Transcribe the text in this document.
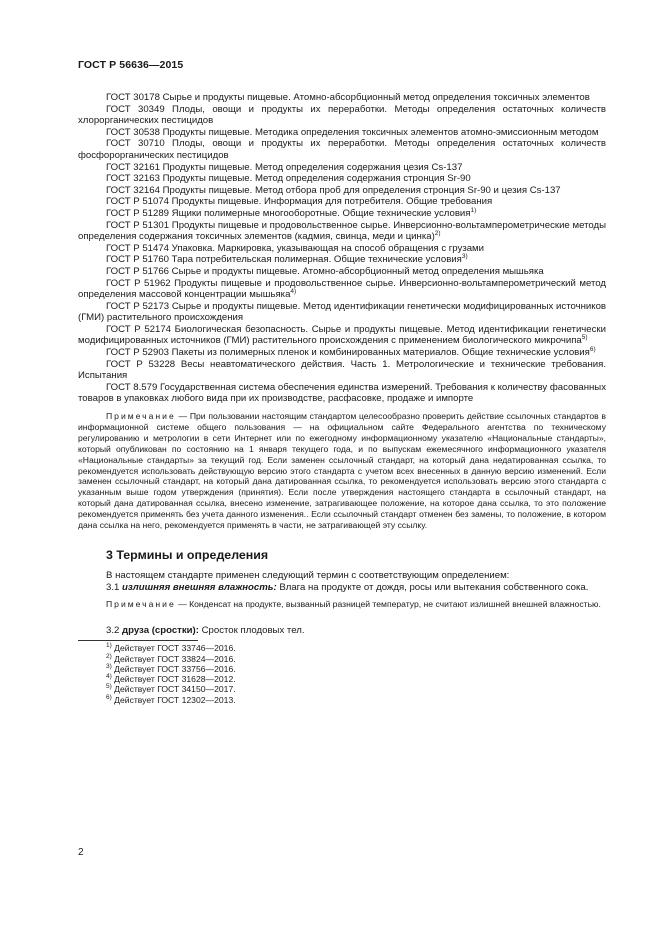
ГОСТ Р 56636—2015

ГОСТ 30178 Сырье и продукты пищевые. Атомно-абсорбционный метод определения токсичных элементов

ГОСТ 30349 Плоды, овощи и продукты их переработки. Методы определения остаточных количеств хлорорганических пестицидов

ГОСТ 30538 Продукты пищевые. Методика определения токсичных элементов атомно-эмиссионным методом

ГОСТ 30710 Плоды, овощи и продукты их переработки. Методы определения остаточных количеств фосфорорганических пестицидов

ГОСТ 32161 Продукты пищевые. Метод определения содержания цезия Cs-137

ГОСТ 32163 Продукты пищевые. Метод определения содержания стронция Sr-90

ГОСТ 32164 Продукты пищевые. Метод отбора проб для определения стронция Sr-90 и цезия Cs-137

ГОСТ Р 51074 Продукты пищевые. Информация для потребителя. Общие требования

ГОСТ Р 51289 Ящики полимерные многооборотные. Общие технические условия$^{1)}$

ГОСТ Р 51301 Продукты пищевые и продовольственное сырье. Инверсионно-вольтамперометрические методы определения содержания токсичных элементов (кадмия, свинца, меди и цинка)$^{2)}$

ГОСТ Р 51474 Упаковка. Маркировка, указывающая на способ обращения с грузами

ГОСТ Р 51760 Тара потребительская полимерная. Общие технические условия$^{3)}$

ГОСТ Р 51766 Сырье и продукты пищевые. Атомно-абсорбционный метод определения мышьяка

ГОСТ Р 51962 Продукты пищевые и продовольственное сырье. Инверсионно-вольтамперометрический метод определения массовой концентрации мышьяка$^{4)}$

ГОСТ Р 52173 Сырье и продукты пищевые. Метод идентификации генетически модифицированных источников (ГМИ) растительного происхождения

ГОСТ Р 52174 Биологическая безопасность. Сырье и продукты пищевые. Метод идентификации генетически модифицированных источников (ГМИ) растительного происхождения с применением биологического микрочипа$^{5)}$

ГОСТ Р 52903 Пакеты из полимерных пленок и комбинированных материалов. Общие технические условия$^{6)}$

ГОСТ Р 53228 Весы неавтоматического действия. Часть 1. Метрологические и технические требования. Испытания

ГОСТ 8.579 Государственная система обеспечения единства измерений. Требования к количеству фасованных товаров в упаковках любого вида при их производстве, расфасовке, продаже и импорте

Примечание — При пользовании настоящим стандартом целесообразно проверить действие ссылочных стандартов в информационной системе общего пользования — на официальном сайте Федерального агентства по техническому регулированию и метрологии в сети Интернет или по ежегодному информационному указателю «Национальные стандарты», который опубликован по состоянию на 1 января текущего года, и по выпускам ежемесячного информационного указателя «Национальные стандарты» за текущий год. Если заменен ссылочный стандарт, на который дана недатированная ссылка, то рекомендуется использовать действующую версию этого стандарта с учетом всех внесенных в данную версию изменений. Если заменен ссылочный стандарт, на который дана датированная ссылка, то рекомендуется использовать версию этого стандарта с указанным выше годом утверждения (принятия). Если после утверждения настоящего стандарта в ссылочный стандарт, на который дана датированная ссылка, внесено изменение, затрагивающее положение, на которое дана ссылка, то это положение рекомендуется применять без учета данного изменения.. Если ссылочный стандарт отменен без замены, то положение, в котором дана ссылка на него, рекомендуется применять в части, не затрагивающей эту ссылку.

3 Термины и определения

В настоящем стандарте применен следующий термин с соответствующим определением:

3.1 излишняя внешняя влажность: Влага на продукте от дождя, росы или вытекания собственного сока.

Примечание — Конденсат на продукте, вызванный разницей температур, не считают излишней внешней влажностью.

3.2 друза (сростки): Сросток плодовых тел.

$^{1)}$ Действует ГОСТ 33746—2016.

$^{2)}$ Действует ГОСТ 33824—2016.

$^{3)}$ Действует ГОСТ 33756—2016.

$^{4)}$ Действует ГОСТ 31628—2012.

$^{5)}$ Действует ГОСТ 34150—2017.

$^{6)}$ Действует ГОСТ 12302—2013.

2
